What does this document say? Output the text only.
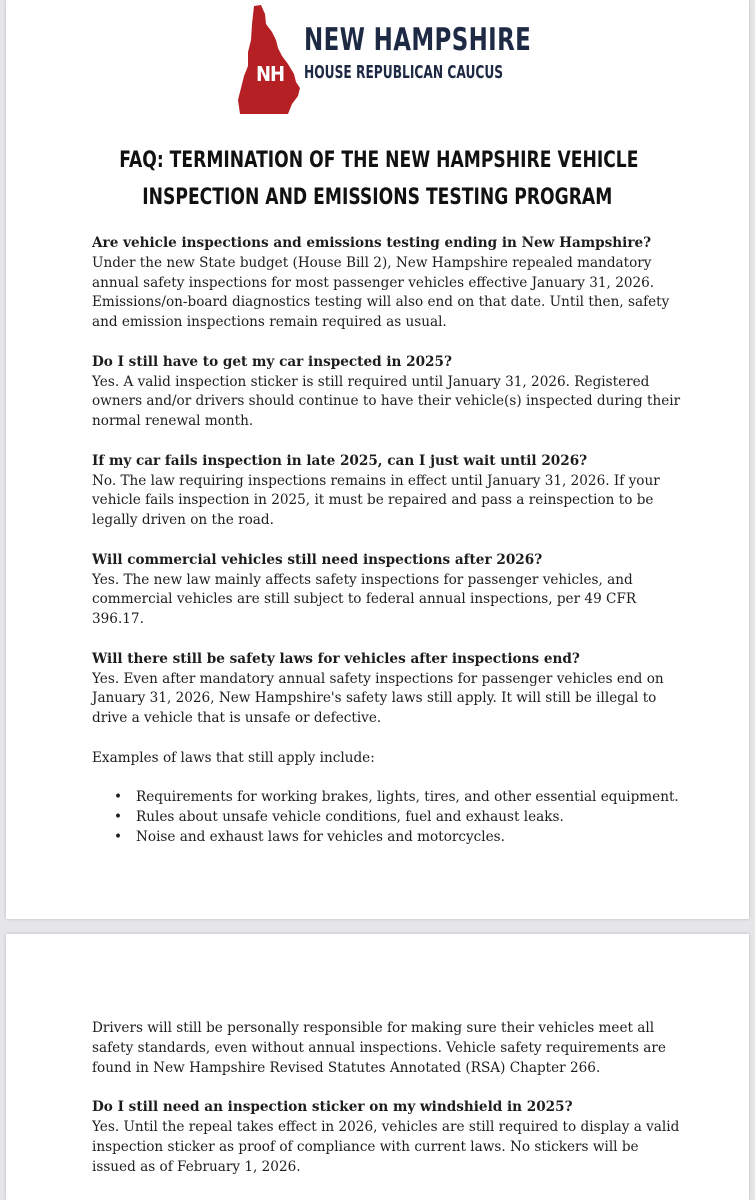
NH
NEW HAMPSHIRE
HOUSE REPUBLICAN CAUCUS
FAQ: TERMINATION OF THE NEW HAMPSHIRE VEHICLE
INSPECTION AND EMISSIONS TESTING PROGRAM

Are vehicle inspections and emissions testing ending in New Hampshire?
Under the new State budget (House Bill 2), New Hampshire repealed mandatory annual safety inspections for most passenger vehicles effective January 31, 2026. Emissions/on-board diagnostics testing will also end on that date. Until then, safety and emission inspections remain required as usual.

Do I still have to get my car inspected in 2025?
Yes. A valid inspection sticker is still required until January 31, 2026. Registered owners and/or drivers should continue to have their vehicle(s) inspected during their normal renewal month.

If my car fails inspection in late 2025, can I just wait until 2026?
No. The law requiring inspections remains in effect until January 31, 2026. If your vehicle fails inspection in 2025, it must be repaired and pass a reinspection to be legally driven on the road.

Will commercial vehicles still need inspections after 2026?
Yes. The new law mainly affects safety inspections for passenger vehicles, and commercial vehicles are still subject to federal annual inspections, per 49 CFR 396.17.

Will there still be safety laws for vehicles after inspections end?
Yes. Even after mandatory annual safety inspections for passenger vehicles end on January 31, 2026, New Hampshire's safety laws still apply. It will still be illegal to drive a vehicle that is unsafe or defective.

Examples of laws that still apply include:

• Requirements for working brakes, lights, tires, and other essential equipment.
• Rules about unsafe vehicle conditions, fuel and exhaust leaks.
• Noise and exhaust laws for vehicles and motorcycles.

Drivers will still be personally responsible for making sure their vehicles meet all safety standards, even without annual inspections. Vehicle safety requirements are found in New Hampshire Revised Statutes Annotated (RSA) Chapter 266.

Do I still need an inspection sticker on my windshield in 2025?
Yes. Until the repeal takes effect in 2026, vehicles are still required to display a valid inspection sticker as proof of compliance with current laws. No stickers will be issued as of February 1, 2026.
